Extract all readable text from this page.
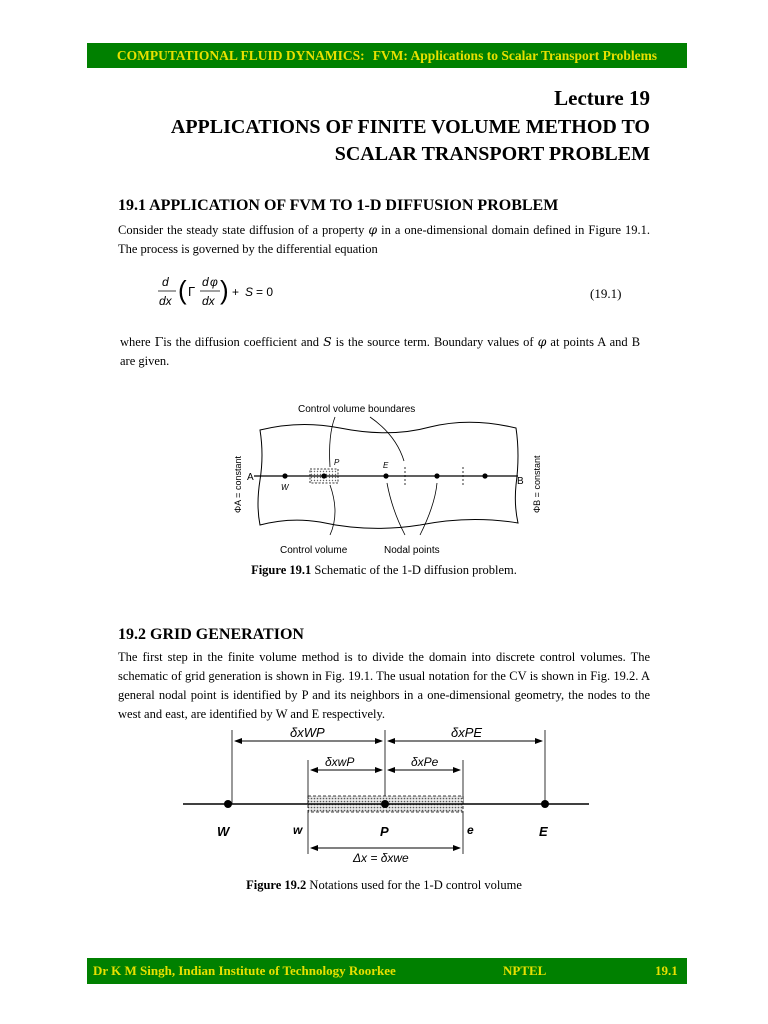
COMPUTATIONAL FLUID DYNAMICS: FVM: Applications to Scalar Transport Problems
Lecture 19
APPLICATIONS OF FINITE VOLUME METHOD TO
SCALAR TRANSPORT PROBLEM
19.1 APPLICATION OF FVM TO 1-D DIFFUSION PROBLEM
Consider the steady state diffusion of a property φ in a one-dimensional domain defined in Figure 19.1. The process is governed by the differential equation
d
dx ( Γ
d φ
dx ) + S = 0	(19.1)
where Γis the diffusion coefficient and S is the source term. Boundary values of φ at points A and B are given.
Control volume boundares
A	B
W
P	E
ΦA = constant	ΦB = constant
Control volume	Nodal points
Figure 19.1 Schematic of the 1-D diffusion problem.
19.2 GRID GENERATION
The first step in the finite volume method is to divide the domain into discrete control volumes. The schematic of grid generation is shown in Fig. 19.1. The usual notation for the CV is shown in Fig. 19.2. A general nodal point is identified by P and its neighbors in a one-dimensional geometry, the nodes to the west and east, are identified by W and E respectively.
δxWP	δxPE
δxwP	δxPe
W	w	P	e	E
Δx = δxwe
Figure 19.2 Notations used for the 1-D control volume
Dr K M Singh, Indian Institute of Technology Roorkee	NPTEL	19.1
